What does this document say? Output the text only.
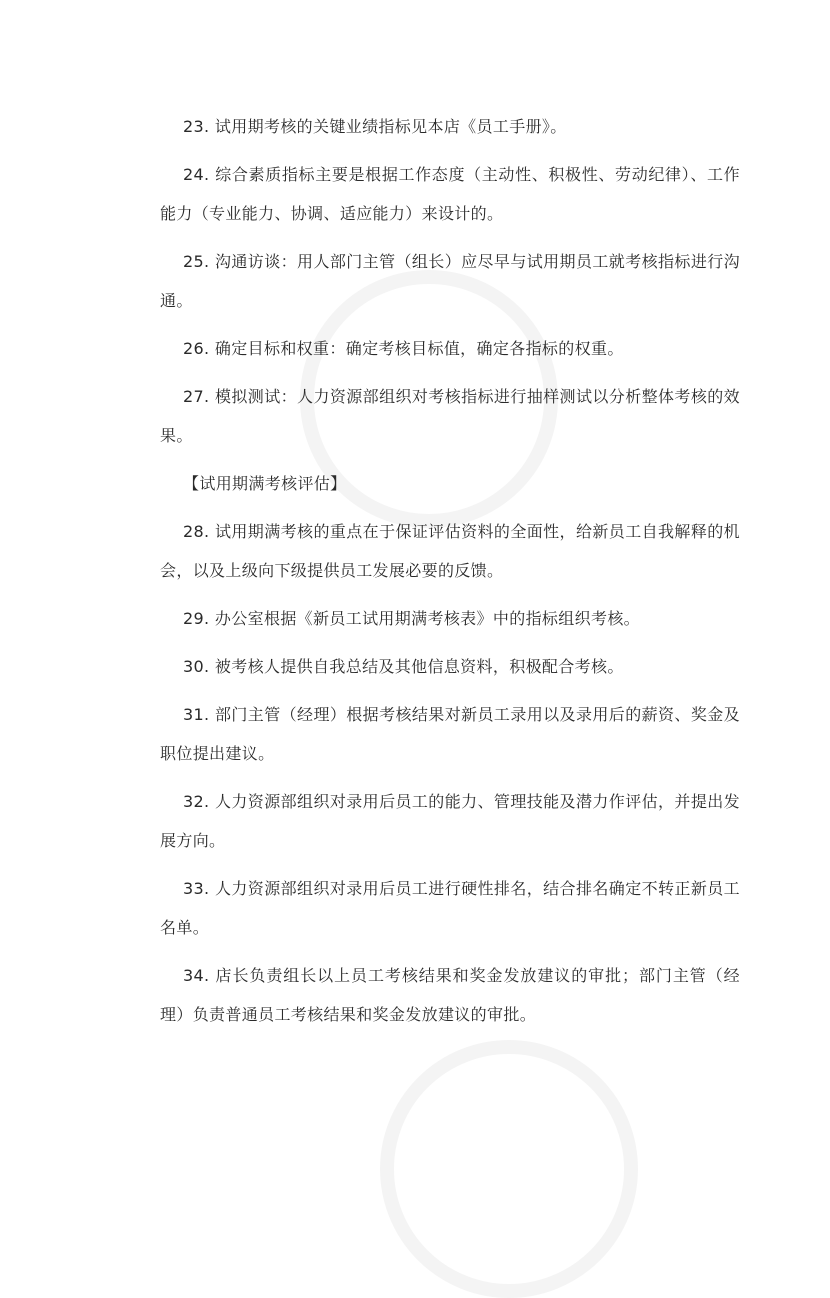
23. 试用期考核的关键业绩指标见本店《员工手册》。

24. 综合素质指标主要是根据工作态度（主动性、积极性、劳动纪律）、工作能力（专业能力、协调、适应能力）来设计的。

25. 沟通访谈：用人部门主管（组长）应尽早与试用期员工就考核指标进行沟通。

26. 确定目标和权重：确定考核目标值，确定各指标的权重。

27. 模拟测试：人力资源部组织对考核指标进行抽样测试以分析整体考核的效果。

【试用期满考核评估】

28. 试用期满考核的重点在于保证评估资料的全面性，给新员工自我解释的机会，以及上级向下级提供员工发展必要的反馈。

29. 办公室根据《新员工试用期满考核表》中的指标组织考核。

30. 被考核人提供自我总结及其他信息资料，积极配合考核。

31. 部门主管（经理）根据考核结果对新员工录用以及录用后的薪资、奖金及职位提出建议。

32. 人力资源部组织对录用后员工的能力、管理技能及潜力作评估，并提出发展方向。

33. 人力资源部组织对录用后员工进行硬性排名，结合排名确定不转正新员工名单。

34. 店长负责组长以上员工考核结果和奖金发放建议的审批；部门主管（经理）负责普通员工考核结果和奖金发放建议的审批。
